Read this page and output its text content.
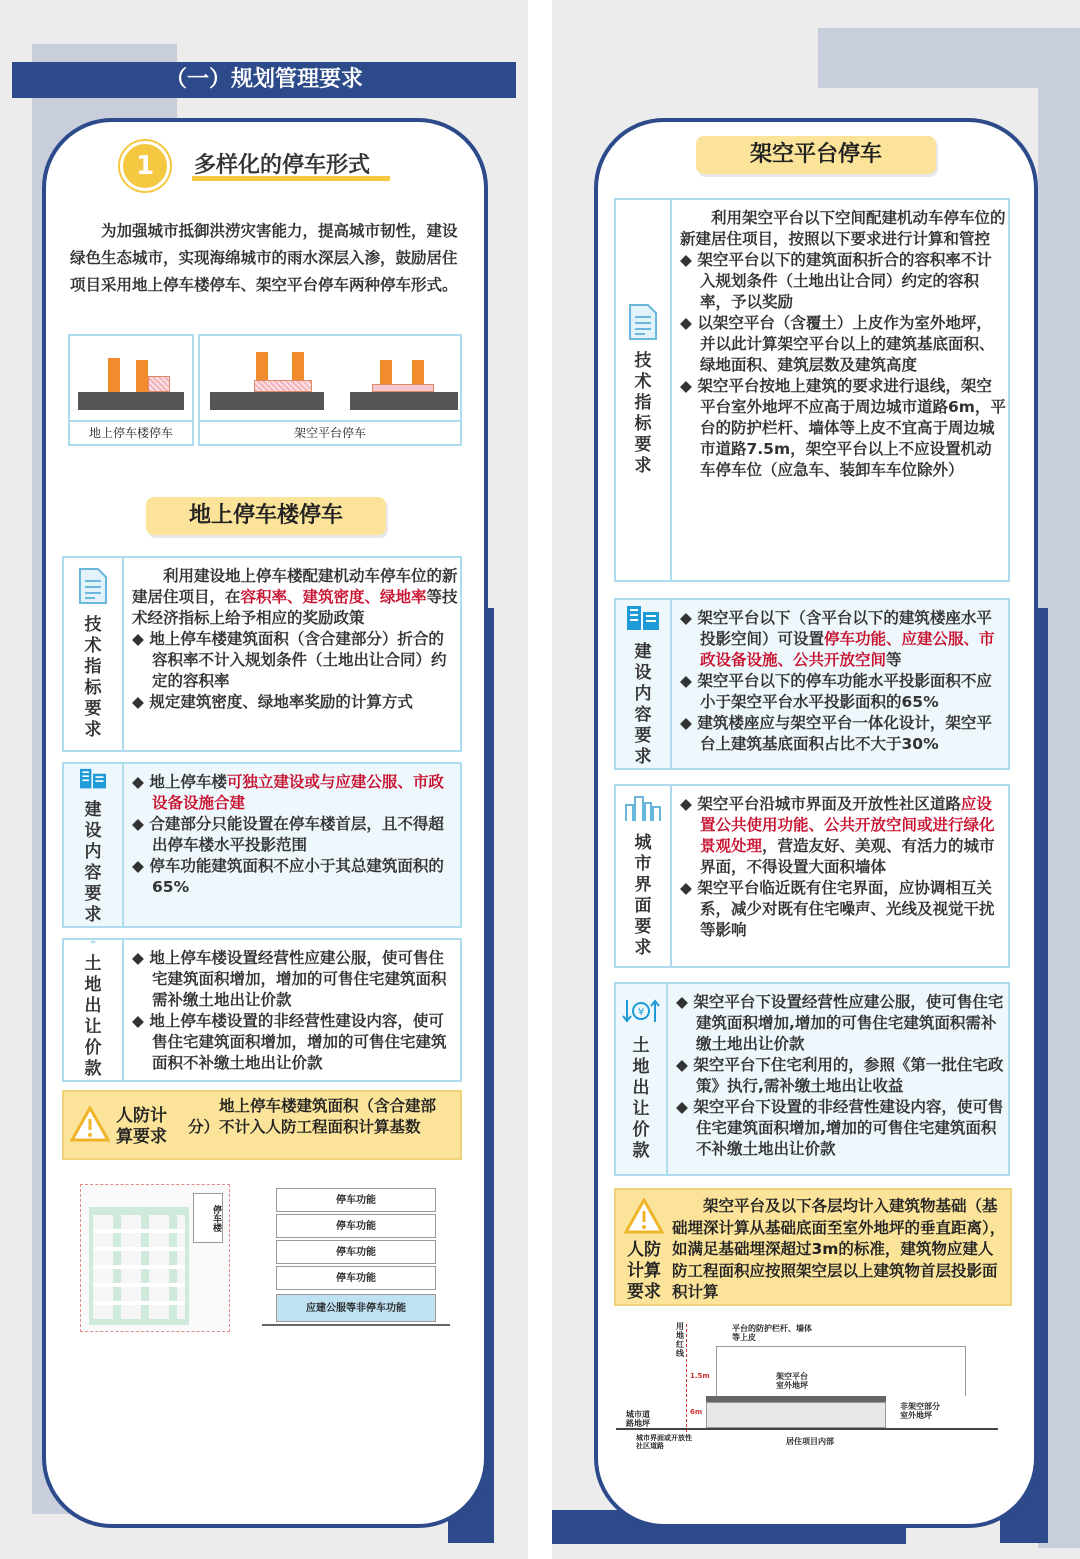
（一）规划管理要求
1	多样化的停车形式
为加强城市抵御洪涝灾害能力，提高城市韧性，建设绿色生态城市，实现海绵城市的雨水深层入渗，鼓励居住项目采用地上停车楼停车、架空平台停车两种停车形式。
地上停车楼停车	架空平台停车
地上停车楼停车
技术指标要求
利用建设地上停车楼配建机动车停车位的新建居住项目，在容积率、建筑密度、绿地率等技术经济指标上给予相应的奖励政策
◆ 地上停车楼建筑面积（含合建部分）折合的容积率不计入规划条件（土地出让合同）约定的容积率
◆ 规定建筑密度、绿地率奖励的计算方式
建设内容要求
◆ 地上停车楼可独立建设或与应建公服、市政设备设施合建
◆ 合建部分只能设置在停车楼首层，且不得超出停车楼水平投影范围
◆ 停车功能建筑面积不应小于其总建筑面积的65%
¥
土地出让价款
◆ 地上停车楼设置经营性应建公服，使可售住宅建筑面积增加，增加的可售住宅建筑面积需补缴土地出让价款
◆ 地上停车楼设置的非经营性建设内容，使可售住宅建筑面积增加，增加的可售住宅建筑面积不补缴土地出让价款
人防计算要求
地上停车楼建筑面积（含合建部分）不计入人防工程面积计算基数
停车楼
停车功能
停车功能
停车功能
停车功能
应建公服等非停车功能
架空平台停车
技术指标要求
利用架空平台以下空间配建机动车停车位的新建居住项目，按照以下要求进行计算和管控
◆ 架空平台以下的建筑面积折合的容积率不计入规划条件（土地出让合同）约定的容积率，予以奖励
◆ 以架空平台（含覆土）上皮作为室外地坪，并以此计算架空平台以上的建筑基底面积、绿地面积、建筑层数及建筑高度
◆ 架空平台按地上建筑的要求进行退线，架空平台室外地坪不应高于周边城市道路6m，平台的防护栏杆、墙体等上皮不宜高于周边城市道路7.5m，架空平台以上不应设置机动车停车位（应急车、装卸车车位除外）
建设内容要求
◆ 架空平台以下（含平台以下的建筑楼座水平投影空间）可设置停车功能、应建公服、市政设备设施、公共开放空间等
◆ 架空平台以下的停车功能水平投影面积不应小于架空平台水平投影面积的65%
◆ 建筑楼座应与架空平台一体化设计，架空平台上建筑基底面积占比不大于30%
城市界面要求
◆ 架空平台沿城市界面及开放性社区道路应设置公共使用功能、公共开放空间或进行绿化景观处理，营造友好、美观、有活力的城市界面，不得设置大面积墙体
◆ 架空平台临近既有住宅界面，应协调相互关系，减少对既有住宅噪声、光线及视觉干扰等影响
¥
土地出让价款
◆ 架空平台下设置经营性应建公服，使可售住宅建筑面积增加,增加的可售住宅建筑面积需补缴土地出让价款
◆ 架空平台下住宅利用的，参照《第一批住宅政策》执行,需补缴土地出让收益
◆ 架空平台下设置的非经营性建设内容，使可售住宅建筑面积增加,增加的可售住宅建筑面积不补缴土地出让价款
人防计算要求
架空平台及以下各层均计入建筑物基础（基础埋深计算从基础底面至室外地坪的垂直距离），如满足基础埋深超过3m的标准，建筑物应建人防工程面积应按照架空层以上建筑物首层投影面积计算
用地红线
平台的防护栏杆、墙体等上皮
架空平台室外地坪
1.5m
6m
城市道路地坪
非架空部分室外地坪
城市界面或开放性社区道路	居住项目内部
